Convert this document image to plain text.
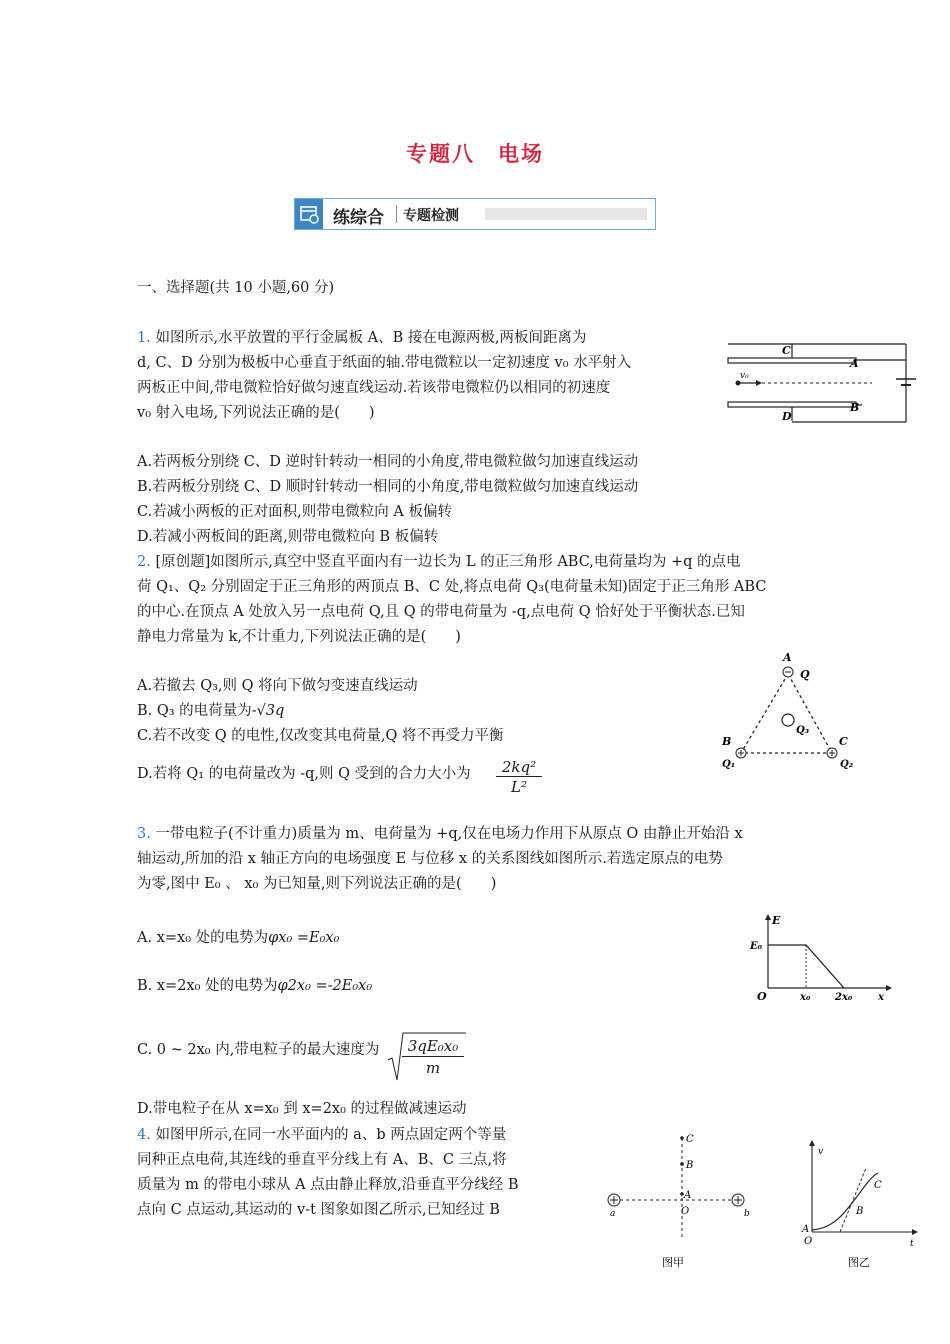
专题八　电场
练综合 专题检测
一、选择题(共 10 小题,60 分)
1. 如图所示,水平放置的平行金属板 A、B 接在电源两极,两板间距离为
d, C、D 分别为极板中心垂直于纸面的轴.带电微粒以一定初速度 v₀ 水平射入
两板正中间,带电微粒恰好做匀速直线运动.若该带电微粒仍以相同的初速度
v₀ 射入电场,下列说法正确的是(　　)
A.若两板分别绕 C、D 逆时针转动一相同的小角度,带电微粒做匀加速直线运动
B.若两板分别绕 C、D 顺时针转动一相同的小角度,带电微粒做匀加速直线运动
C.若减小两板的正对面积,则带电微粒向 A 板偏转
D.若减小两板间的距离,则带电微粒向 B 板偏转
C
D
A
B
v₀
2. [原创题]如图所示,真空中竖直平面内有一边长为 L 的正三角形 ABC,电荷量均为 +q 的点电
荷 Q₁、Q₂ 分别固定于正三角形的两顶点 B、C 处,将点电荷 Q₃(电荷量未知)固定于正三角形 ABC
的中心.在顶点 A 处放入另一点电荷 Q,且 Q 的带电荷量为 -q,点电荷 Q 恰好处于平衡状态.已知
静电力常量为 k,不计重力,下列说法正确的是(　　)
A.若撤去 Q₃,则 Q 将向下做匀变速直线运动
B. Q₃ 的电荷量为-√3q
C.若不改变 Q 的电性,仅改变其电荷量,Q 将不再受力平衡
D.若将 Q₁ 的电荷量改为 -q,则 Q 受到的合力大小为	2kq²
L²
A
Q
Q₃
B	C
Q₁	Q₂
3. 一带电粒子(不计重力)质量为 m、电荷量为 +q,仅在电场力作用下从原点 O 由静止开始沿 x
轴运动,所加的沿 x 轴正方向的电场强度 E 与位移 x 的关系图线如图所示.若选定原点的电势
为零,图中 E₀ 、 x₀ 为已知量,则下列说法正确的是(　　)
A. x=x₀ 处的电势为φx₀ =E₀x₀
B. x=2x₀ 处的电势为φ2x₀ =-2E₀x₀
C. 0 ~ 2x₀ 内,带电粒子的最大速度为	3qE₀x₀
m
D.带电粒子在从 x=x₀ 到 x=2x₀ 的过程做减速运动
E
E₀
O	x₀ 2x₀	x
4. 如图甲所示,在同一水平面内的 a、b 两点固定两个等量
同种正点电荷,其连线的垂直平分线上有 A、B、C 三点,将
质量为 m 的带电小球从 A 点由静止释放,沿垂直平分线经 B
点向 C 点运动,其运动的 v-t 图象如图乙所示,已知经过 B
C
B
A
O
a	b
图甲
v
t
C
B
A
O
图乙
